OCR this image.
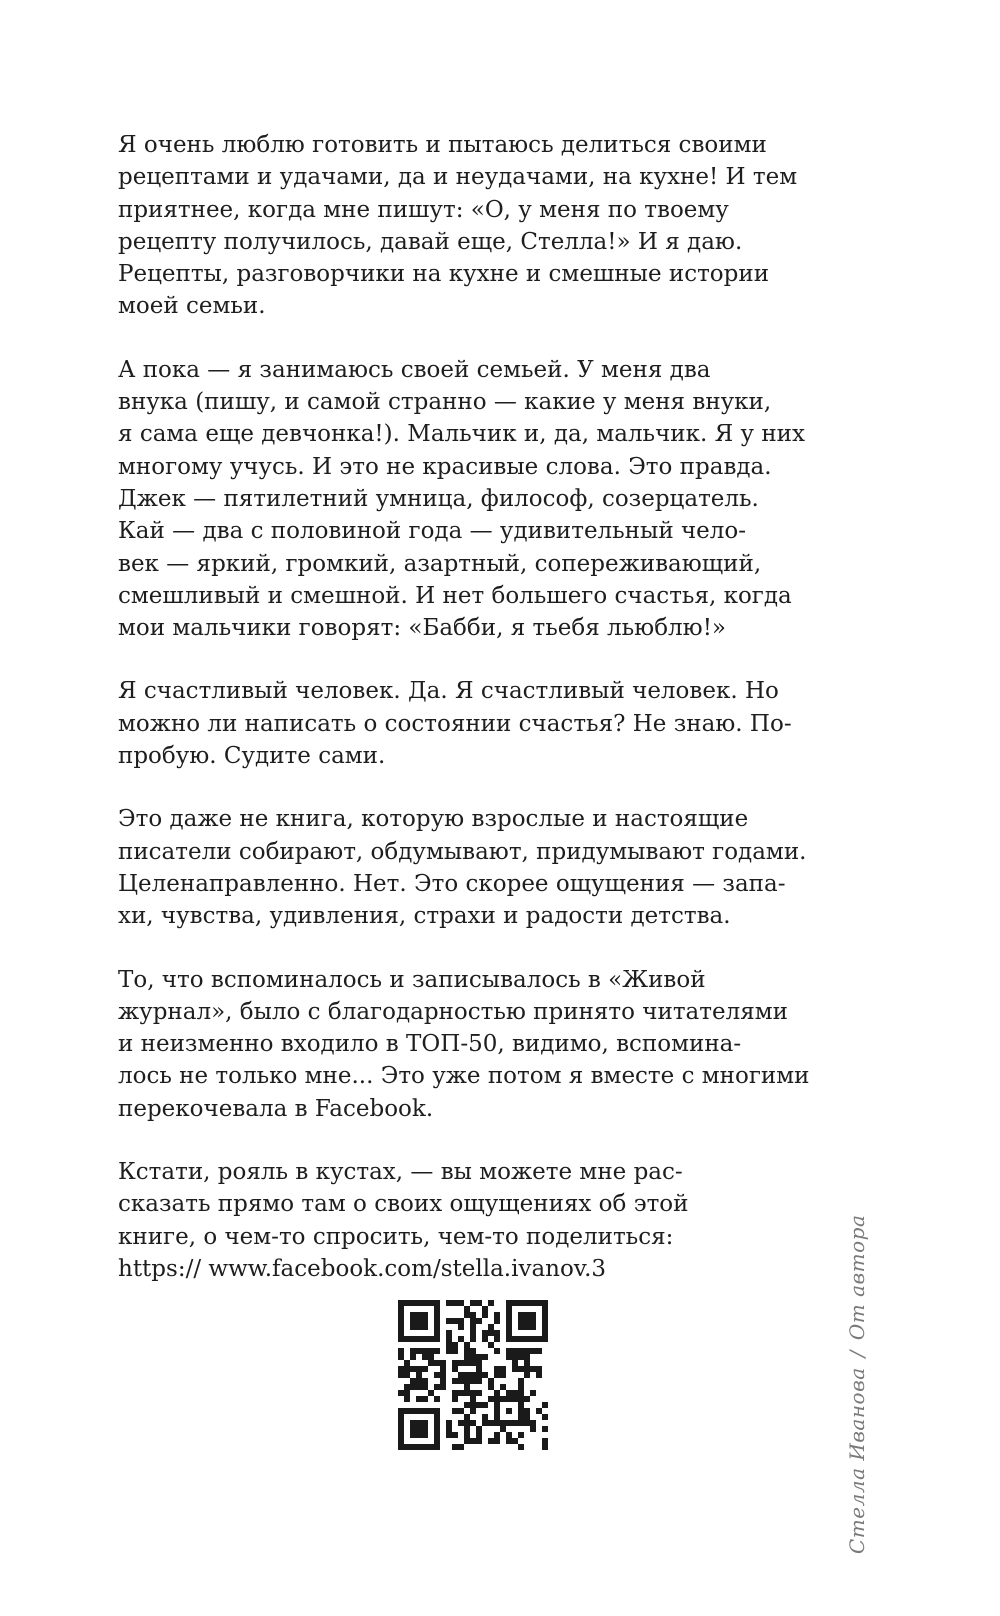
Я очень люблю готовить и пытаюсь делиться своими
рецептами и удачами, да и неудачами, на кухне! И тем
приятнее, когда мне пишут: «О, у меня по твоему
рецепту получилось, давай еще, Стелла!» И я даю.
Рецепты, разговорчики на кухне и смешные истории
моей семьи.

А пока — я занимаюсь своей семьей. У меня два
внука (пишу, и самой странно — какие у меня внуки,
я сама еще девчонка!). Мальчик и, да, мальчик. Я у них
многому учусь. И это не красивые слова. Это правда.
Джек — пятилетний умница, философ, созерцатель.
Кай — два с половиной года — удивительный чело-
век — яркий, громкий, азартный, сопереживающий,
смешливый и смешной. И нет большего счастья, когда
мои мальчики говорят: «Бабби, я тьебя льюблю!»

Я счастливый человек. Да. Я счастливый человек. Но
можно ли написать о состоянии счастья? Не знаю. По-
пробую. Судите сами.

Это даже не книга, которую взрослые и настоящие
писатели собирают, обдумывают, придумывают годами.
Целенаправленно. Нет. Это скорее ощущения — запа-
хи, чувства, удивления, страхи и радости детства.

То, что вспоминалось и записывалось в «Живой
журнал», было с благодарностью принято читателями
и неизменно входило в ТОП-50, видимо, вспомина-
лось не только мне... Это уже потом я вместе с многими
перекочевала в Facebook.

Кстати, рояль в кустах, — вы можете мне рас-
сказать прямо там о своих ощущениях об этой
книге, о чем-то спросить, чем-то поделиться:
https:// www.facebook.com/stella.ivanov.3

Стелла Иванова/От автора
